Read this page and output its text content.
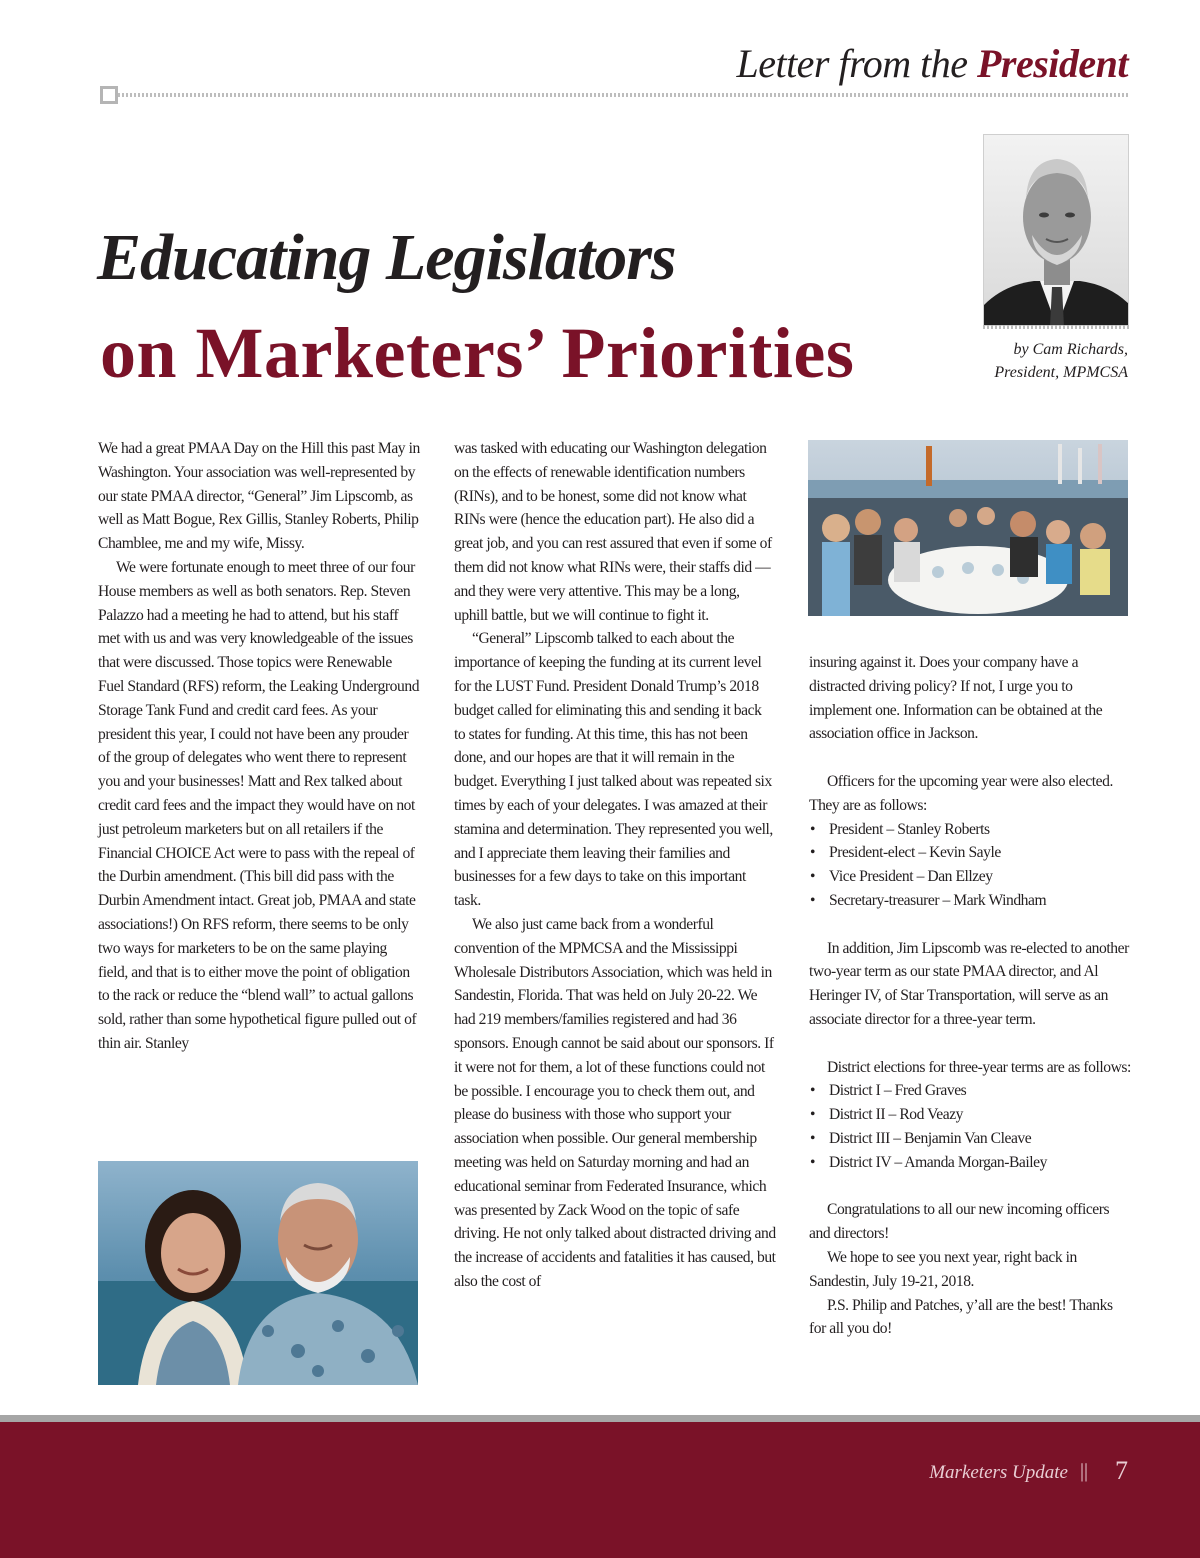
Letter from the President
Educating Legislators
on Marketers’ Priorities	by Cam Richards,
President, MPMCSA

We had a great PMAA Day on the Hill this past May in Washington. Your association was well-represented by our state PMAA director, “General” Jim Lipscomb, as well as Matt Bogue, Rex Gillis, Stanley Roberts, Philip Chamblee, me and my wife, Missy.

We were fortunate enough to meet three of our four House members as well as both senators. Rep. Steven Palazzo had a meeting he had to attend, but his staff met with us and was very knowledgeable of the issues that were discussed. Those topics were Renewable Fuel Standard (RFS) reform, the Leaking Underground Storage Tank Fund and credit card fees. As your president this year, I could not have been any prouder of the group of delegates who went there to represent you and your businesses! Matt and Rex talked about credit card fees and the impact they would have on not just petroleum marketers but on all retailers if the Financial CHOICE Act were to pass with the repeal of the Durbin amendment. (This bill did pass with the Durbin Amendment intact. Great job, PMAA and state associations!) On RFS reform, there seems to be only two ways for marketers to be on the same playing field, and that is to either move the point of obligation to the rack or reduce the “blend wall” to actual gallons sold, rather than some hypothetical figure pulled out of thin air. Stanley

was tasked with educating our Washington delegation on the effects of renewable identification numbers (RINs), and to be honest, some did not know what RINs were (hence the education part). He also did a great job, and you can rest assured that even if some of them did not know what RINs were, their staffs did — and they were very attentive. This may be a long, uphill battle, but we will continue to fight it.

“General” Lipscomb talked to each about the importance of keeping the funding at its current level for the LUST Fund. President Donald Trump’s 2018 budget called for eliminating this and sending it back to states for funding. At this time, this has not been done, and our hopes are that it will remain in the budget. Everything I just talked about was repeated six times by each of your delegates. I was amazed at their stamina and determination. They represented you well, and I appreciate them leaving their families and businesses for a few days to take on this important task.

We also just came back from a wonderful convention of the MPMCSA and the Mississippi Wholesale Distributors Association, which was held in Sandestin, Florida. That was held on July 20-22. We had 219 members/families registered and had 36 sponsors. Enough cannot be said about our sponsors. If it were not for them, a lot of these functions could not be possible. I encourage you to check them out, and please do business with those who support your association when possible. Our general membership meeting was held on Saturday morning and had an educational seminar from Federated Insurance, which was presented by Zack Wood on the topic of safe driving. He not only talked about distracted driving and the increase of accidents and fatalities it has caused, but also the cost of

insuring against it. Does your company have a distracted driving policy? If not, I urge you to implement one. Information can be obtained at the association office in Jackson.

Officers for the upcoming year were also elected. They are as follows:

• President – Stanley Roberts
• President-elect – Kevin Sayle
• Vice President – Dan Ellzey
• Secretary-treasurer – Mark Windham

In addition, Jim Lipscomb was re-elected to another two-year term as our state PMAA director, and Al Heringer IV, of Star Transportation, will serve as an associate director for a three-year term.

District elections for three-year terms are as follows:

• District I – Fred Graves
• District II – Rod Veazy
• District III – Benjamin Van Cleave
• District IV – Amanda Morgan-Bailey

Congratulations to all our new incoming officers and directors!

We hope to see you next year, right back in Sandestin, July 19-21, 2018.

P.S. Philip and Patches, y’all are the best! Thanks for all you do!

Marketers Update || 7
